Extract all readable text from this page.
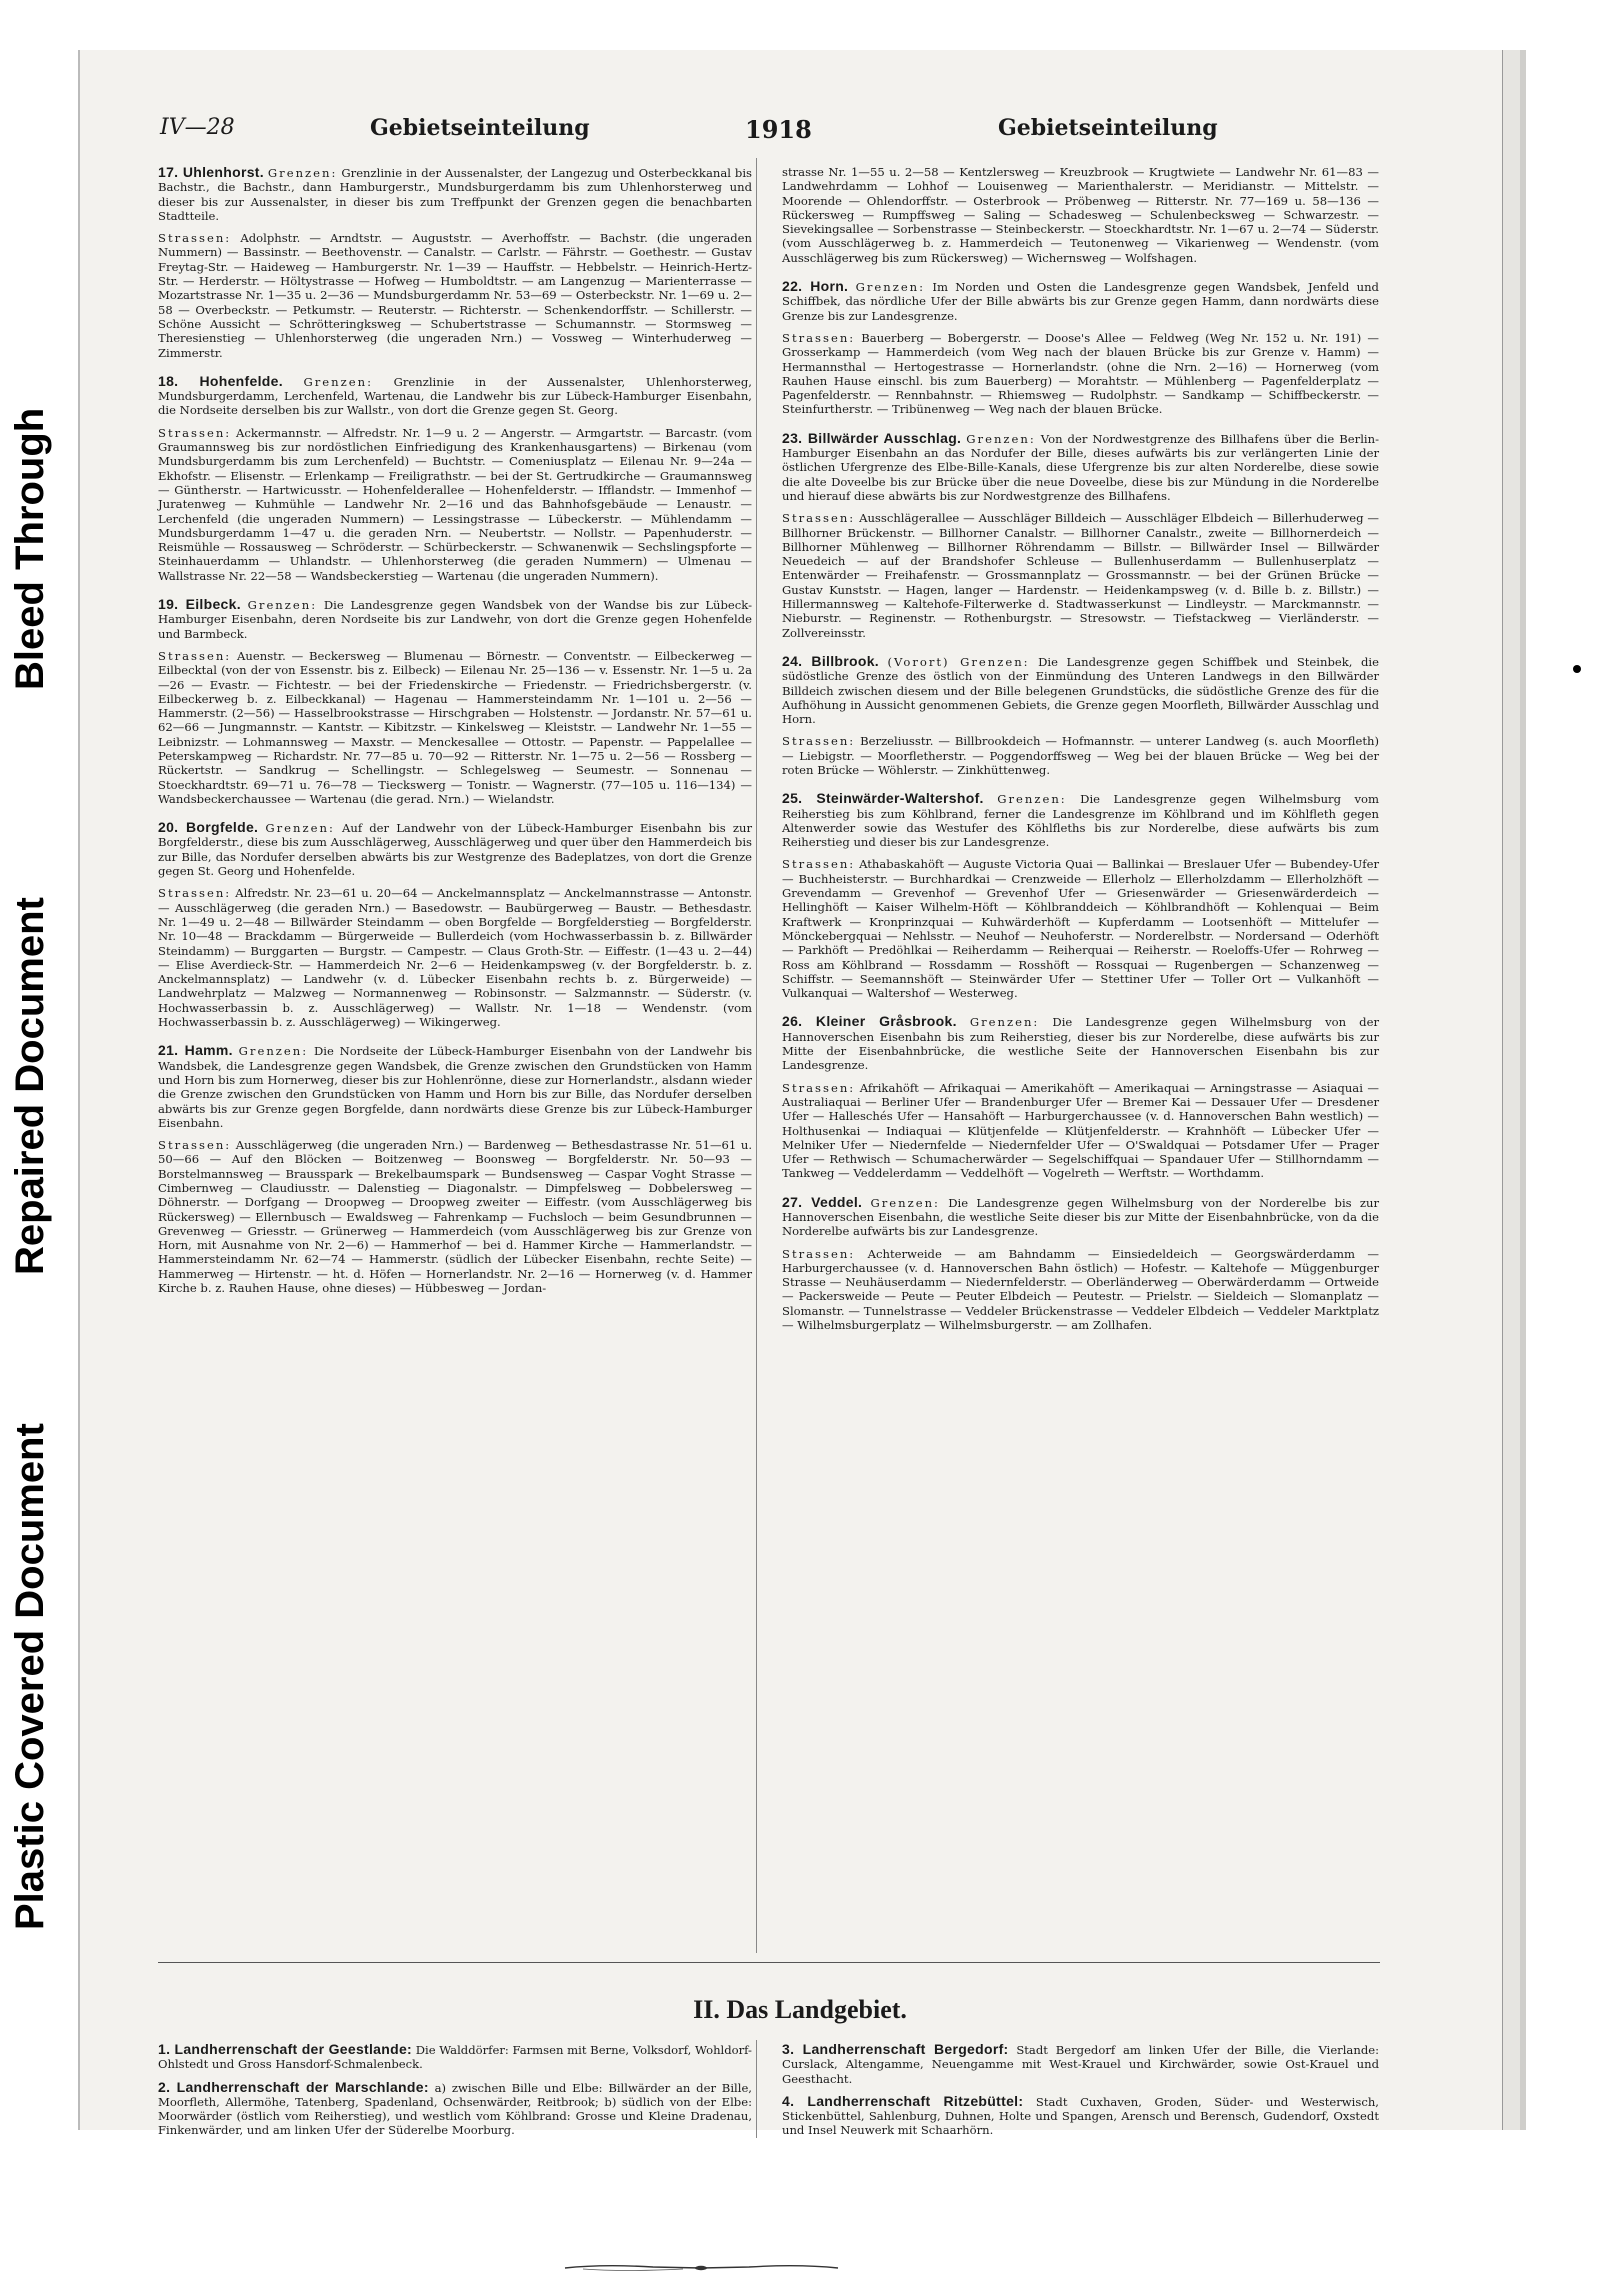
Plastic Covered Document
Repaired Document
Bleed Through
IV—28	Gebietseinteilung	1918	Gebietseinteilung

17. Uhlenhorst. Grenzen: Grenzlinie in der Aussenalster, der Langezug und Osterbeckkanal bis Bachstr., die Bachstr., dann Hamburgerstr., Mundsburgerdamm bis zum Uhlenhorsterweg und dieser bis zur Aussenalster, in dieser bis zum Treffpunkt der Grenzen gegen die benachbarten Stadtteile.

Strassen: Adolphstr. — Arndtstr. — Auguststr. — Averhoffstr. — Bachstr. (die ungeraden Nummern) — Bassinstr. — Beethovenstr. — Canalstr. — Carlstr. — Fährstr. — Goethestr. — Gustav Freytag-Str. — Haideweg — Hamburgerstr. Nr. 1—39 — Hauffstr. — Hebbelstr. — Heinrich-Hertz-Str. — Herderstr. — Höltystrasse — Hofweg — Humboldtstr. — am Langenzug — Marienterrasse — Mozartstrasse Nr. 1—35 u. 2—36 — Mundsburgerdamm Nr. 53—69 — Osterbeckstr. Nr. 1—69 u. 2—58 — Overbeckstr. — Petkumstr. — Reuterstr. — Richterstr. — Schenkendorffstr. — Schillerstr. — Schöne Aussicht — Schrötteringksweg — Schubertstrasse — Schumannstr. — Stormsweg — Theresienstieg — Uhlenhorsterweg (die ungeraden Nrn.) — Vossweg — Winterhuderweg — Zimmerstr.

18. Hohenfelde. Grenzen: Grenzlinie in der Aussenalster, Uhlenhorsterweg, Mundsburgerdamm, Lerchenfeld, Wartenau, die Landwehr bis zur Lübeck-Hamburger Eisenbahn, die Nordseite derselben bis zur Wallstr., von dort die Grenze gegen St. Georg.

Strassen: Ackermannstr. — Alfredstr. Nr. 1—9 u. 2 — Angerstr. — Armgartstr. — Barcastr. (vom Graumannsweg bis zur nordöstlichen Einfriedigung des Krankenhausgartens) — Birkenau (vom Mundsburgerdamm bis zum Lerchenfeld) — Buchtstr. — Comeniusplatz — Eilenau Nr. 9—24a — Ekhofstr. — Elisenstr. — Erlenkamp — Freiligrathstr. — bei der St. Gertrudkirche — Graumannsweg — Güntherstr. — Hartwicusstr. — Hohenfelderallee — Hohenfelderstr. — Ifflandstr. — Immenhof — Juratenweg — Kuhmühle — Landwehr Nr. 2—16 und das Bahnhofsgebäude — Lenaustr. — Lerchenfeld (die ungeraden Nummern) — Lessingstrasse — Lübeckerstr. — Mühlendamm — Mundsburgerdamm 1—47 u. die geraden Nrn. — Neubertstr. — Nollstr. — Papenhuderstr. — Reismühle — Rossausweg — Schröderstr. — Schürbeckerstr. — Schwanenwik — Sechslingspforte — Steinhauerdamm — Uhlandstr. — Uhlenhorsterweg (die geraden Nummern) — Ulmenau — Wallstrasse Nr. 22—58 — Wandsbeckerstieg — Wartenau (die ungeraden Nummern).

19. Eilbeck. Grenzen: Die Landesgrenze gegen Wandsbek von der Wandse bis zur Lübeck-Hamburger Eisenbahn, deren Nordseite bis zur Landwehr, von dort die Grenze gegen Hohenfelde und Barmbeck.

Strassen: Auenstr. — Beckersweg — Blumenau — Börnestr. — Conventstr. — Eilbeckerweg — Eilbecktal (von der von Essenstr. bis z. Eilbeck) — Eilenau Nr. 25—136 — v. Essenstr. Nr. 1—5 u. 2a—26 — Evastr. — Fichtestr. — bei der Friedenskirche — Friedenstr. — Friedrichsbergerstr. (v. Eilbeckerweg b. z. Eilbeckkanal) — Hagenau — Hammersteindamm Nr. 1—101 u. 2—56 — Hammerstr. (2—56) — Hasselbrookstrasse — Hirschgraben — Holstenstr. — Jordanstr. Nr. 57—61 u. 62—66 — Jungmannstr. — Kantstr. — Kibitzstr. — Kinkelsweg — Kleiststr. — Landwehr Nr. 1—55 — Leibnizstr. — Lohmannsweg — Maxstr. — Menckesallee — Ottostr. — Papenstr. — Pappelallee — Peterskampweg — Richardstr. Nr. 77—85 u. 70—92 — Ritterstr. Nr. 1—75 u. 2—56 — Rossberg — Rückertstr. — Sandkrug — Schellingstr. — Schlegelsweg — Seumestr. — Sonnenau — Stoeckhardtstr. 69—71 u. 76—78 — Tieckswerg — Tonistr. — Wagnerstr. (77—105 u. 116—134) — Wandsbeckerchaussee — Wartenau (die gerad. Nrn.) — Wielandstr.

20. Borgfelde. Grenzen: Auf der Landwehr von der Lübeck-Hamburger Eisenbahn bis zur Borgfelderstr., diese bis zum Ausschlägerweg, Ausschlägerweg und quer über den Hammerdeich bis zur Bille, das Nordufer derselben abwärts bis zur Westgrenze des Badeplatzes, von dort die Grenze gegen St. Georg und Hohenfelde.

Strassen: Alfredstr. Nr. 23—61 u. 20—64 — Anckelmannsplatz — Anckelmannstrasse — Antonstr. — Ausschlägerweg (die geraden Nrn.) — Basedowstr. — Baubürgerweg — Baustr. — Bethesdastr. Nr. 1—49 u. 2—48 — Billwärder Steindamm — oben Borgfelde — Borgfelderstieg — Borgfelderstr. Nr. 10—48 — Brackdamm — Bürgerweide — Bullerdeich (vom Hochwasserbassin b. z. Billwärder Steindamm) — Burggarten — Burgstr. — Campestr. — Claus Groth-Str. — Eiffestr. (1—43 u. 2—44) — Elise Averdieck-Str. — Hammerdeich Nr. 2—6 — Heidenkampsweg (v. der Borgfelderstr. b. z. Anckelmannsplatz) — Landwehr (v. d. Lübecker Eisenbahn rechts b. z. Bürgerweide) — Landwehrplatz — Malzweg — Normannenweg — Robinsonstr. — Salzmannstr. — Süderstr. (v. Hochwasserbassin b. z. Ausschlägerweg) — Wallstr. Nr. 1—18 — Wendenstr. (vom Hochwasserbassin b. z. Ausschlägerweg) — Wikingerweg.

21. Hamm. Grenzen: Die Nordseite der Lübeck-Hamburger Eisenbahn von der Landwehr bis Wandsbek, die Landesgrenze gegen Wandsbek, die Grenze zwischen den Grundstücken von Hamm und Horn bis zum Hornerweg, dieser bis zur Hohlenrönne, diese zur Hornerlandstr., alsdann wieder die Grenze zwischen den Grundstücken von Hamm und Horn bis zur Bille, das Nordufer derselben abwärts bis zur Grenze gegen Borgfelde, dann nordwärts diese Grenze bis zur Lübeck-Hamburger Eisenbahn.

Strassen: Ausschlägerweg (die ungeraden Nrn.) — Bardenweg — Bethesdastrasse Nr. 51—61 u. 50—66 — Auf den Blöcken — Boitzenweg — Boonsweg — Borgfelderstr. Nr. 50—93 — Borstelmannsweg — Brausspark — Brekelbaumspark — Bundsensweg — Caspar Voght Strasse — Cimbernweg — Claudiusstr. — Dalenstieg — Diagonalstr. — Dimpfelsweg — Dobbelersweg — Döhnerstr. — Dorfgang — Droopweg — Droopweg zweiter — Eiffestr. (vom Ausschlägerweg bis Rückersweg) — Ellernbusch — Ewaldsweg — Fahrenkamp — Fuchsloch — beim Gesundbrunnen — Grevenweg — Griesstr. — Grünerweg — Hammerdeich (vom Ausschlägerweg bis zur Grenze von Horn, mit Ausnahme von Nr. 2—6) — Hammerhof — bei d. Hammer Kirche — Hammerlandstr. — Hammersteindamm Nr. 62—74 — Hammerstr. (südlich der Lübecker Eisenbahn, rechte Seite) — Hammerweg — Hirtenstr. — ht. d. Höfen — Hornerlandstr. Nr. 2—16 — Hornerweg (v. d. Hammer Kirche b. z. Rauhen Hause, ohne dieses) — Hübbesweg — Jordan-

strasse Nr. 1—55 u. 2—58 — Kentzlersweg — Kreuzbrook — Krugtwiete — Landwehr Nr. 61—83 — Landwehrdamm — Lohhof — Louisenweg — Marienthalerstr. — Meridianstr. — Mittelstr. — Moorende — Ohlendorffstr. — Osterbrook — Pröbenweg — Ritterstr. Nr. 77—169 u. 58—136 — Rückersweg — Rumpffsweg — Saling — Schadesweg — Schulenbecksweg — Schwarzestr. — Sievekingsallee — Sorbenstrasse — Steinbeckerstr. — Stoeckhardtstr. Nr. 1—67 u. 2—74 — Süderstr. (vom Ausschlägerweg b. z. Hammerdeich — Teutonenweg — Vikarienweg — Wendenstr. (vom Ausschlägerweg bis zum Rückersweg) — Wichernsweg — Wolfshagen.

22. Horn. Grenzen: Im Norden und Osten die Landesgrenze gegen Wandsbek, Jenfeld und Schiffbek, das nördliche Ufer der Bille abwärts bis zur Grenze gegen Hamm, dann nordwärts diese Grenze bis zur Landesgrenze.

Strassen: Bauerberg — Bobergerstr. — Doose's Allee — Feldweg (Weg Nr. 152 u. Nr. 191) — Grosserkamp — Hammerdeich (vom Weg nach der blauen Brücke bis zur Grenze v. Hamm) — Hermannsthal — Hertogestrasse — Hornerlandstr. (ohne die Nrn. 2—16) — Hornerweg (vom Rauhen Hause einschl. bis zum Bauerberg) — Morahtstr. — Mühlenberg — Pagenfelderplatz — Pagenfelderstr. — Rennbahnstr. — Rhiemsweg — Rudolphstr. — Sandkamp — Schiffbeckerstr. — Steinfurtherstr. — Tribünenweg — Weg nach der blauen Brücke.

23. Billwärder Ausschlag. Grenzen: Von der Nordwestgrenze des Billhafens über die Berlin-Hamburger Eisenbahn an das Nordufer der Bille, dieses aufwärts bis zur verlängerten Linie der östlichen Ufergrenze des Elbe-Bille-Kanals, diese Ufergrenze bis zur alten Norderelbe, diese sowie die alte Doveelbe bis zur Brücke über die neue Doveelbe, diese bis zur Mündung in die Norderelbe und hierauf diese abwärts bis zur Nordwestgrenze des Billhafens.

Strassen: Ausschlägerallee — Ausschläger Billdeich — Ausschläger Elbdeich — Billerhuderweg — Billhorner Brückenstr. — Billhorner Canalstr. — Billhorner Canalstr., zweite — Billhornerdeich — Billhorner Mühlenweg — Billhorner Röhrendamm — Billstr. — Billwärder Insel — Billwärder Neuedeich — auf der Brandshofer Schleuse — Bullenhuserdamm — Bullenhuserplatz — Entenwärder — Freihafenstr. — Grossmannplatz — Grossmannstr. — bei der Grünen Brücke — Gustav Kunststr. — Hagen, langer — Hardenstr. — Heidenkampsweg (v. d. Bille b. z. Billstr.) — Hillermannsweg — Kaltehofe-Filterwerke d. Stadtwasserkunst — Lindleystr. — Marckmannstr. — Nieburstr. — Reginenstr. — Rothenburgstr. — Stresowstr. — Tiefstackweg — Vierländerstr. — Zollvereinsstr.

24. Billbrook. (Vorort) Grenzen: Die Landesgrenze gegen Schiffbek und Steinbek, die südöstliche Grenze des östlich von der Einmündung des Unteren Landwegs in den Billwärder Billdeich zwischen diesem und der Bille belegenen Grundstücks, die südöstliche Grenze des für die Aufhöhung in Aussicht genommenen Gebiets, die Grenze gegen Moorfleth, Billwärder Ausschlag und Horn.

Strassen: Berzeliusstr. — Billbrookdeich — Hofmannstr. — unterer Landweg (s. auch Moorfleth) — Liebigstr. — Moorfletherstr. — Poggendorffsweg — Weg bei der blauen Brücke — Weg bei der roten Brücke — Wöhlerstr. — Zinkhüttenweg.

25. Steinwärder-Waltershof. Grenzen: Die Landesgrenze gegen Wilhelmsburg vom Reiherstieg bis zum Köhlbrand, ferner die Landesgrenze im Köhlbrand und im Köhlfleth gegen Altenwerder sowie das Westufer des Köhlfleths bis zur Norderelbe, diese aufwärts bis zum Reiherstieg und dieser bis zur Landesgrenze.

Strassen: Athabaskahöft — Auguste Victoria Quai — Ballinkai — Breslauer Ufer — Bubendey-Ufer — Buchheisterstr. — Burchhardkai — Crenzweide — Ellerholz — Ellerholzdamm — Ellerholzhöft — Grevendamm — Grevenhof — Grevenhof Ufer — Griesenwärder — Griesenwärderdeich — Hellinghöft — Kaiser Wilhelm-Höft — Köhlbranddeich — Köhlbrandhöft — Kohlenquai — Beim Kraftwerk — Kronprinzquai — Kuhwärderhöft — Kupferdamm — Lootsenhöft — Mittelufer — Mönckebergquai — Nehlsstr. — Neuhof — Neuhoferstr. — Norderelbstr. — Nordersand — Oderhöft — Parkhöft — Predöhlkai — Reiherdamm — Reiherquai — Reiherstr. — Roeloffs-Ufer — Rohrweg — Ross am Köhlbrand — Rossdamm — Rosshöft — Rossquai — Rugenbergen — Schanzenweg — Schiffstr. — Seemannshöft — Steinwärder Ufer — Stettiner Ufer — Toller Ort — Vulkanhöft — Vulkanquai — Waltershof — Westerweg.

26. Kleiner Gråsbrook. Grenzen: Die Landesgrenze gegen Wilhelmsburg von der Hannoverschen Eisenbahn bis zum Reiherstieg, dieser bis zur Norderelbe, diese aufwärts bis zur Mitte der Eisenbahnbrücke, die westliche Seite der Hannoverschen Eisenbahn bis zur Landesgrenze.

Strassen: Afrikahöft — Afrikaquai — Amerikahöft — Amerikaquai — Arningstrasse — Asiaquai — Australiaquai — Berliner Ufer — Brandenburger Ufer — Bremer Kai — Dessauer Ufer — Dresdener Ufer — Halleschés Ufer — Hansahöft — Harburgerchaussee (v. d. Hannoverschen Bahn westlich) — Holthusenkai — Indiaquai — Klütjenfelde — Klütjenfelderstr. — Krahnhöft — Lübecker Ufer — Melniker Ufer — Niedernfelde — Niedernfelder Ufer — O'Swaldquai — Potsdamer Ufer — Prager Ufer — Rethwisch — Schumacherwärder — Segelschiffquai — Spandauer Ufer — Stillhorndamm — Tankweg — Veddelerdamm — Veddelhöft — Vogelreth — Werftstr. — Worthdamm.

27. Veddel. Grenzen: Die Landesgrenze gegen Wilhelmsburg von der Norderelbe bis zur Hannoverschen Eisenbahn, die westliche Seite dieser bis zur Mitte der Eisenbahnbrücke, von da die Norderelbe aufwärts bis zur Landesgrenze.

Strassen: Achterweide — am Bahndamm — Einsiedeldeich — Georgswärderdamm — Harburgerchaussee (v. d. Hannoverschen Bahn östlich) — Hofestr. — Kaltehofe — Müggenburger Strasse — Neuhäuserdamm — Niedernfelderstr. — Oberländerweg — Oberwärderdamm — Ortweide — Packersweide — Peute — Peuter Elbdeich — Peutestr. — Prielstr. — Sieldeich — Slomanplatz — Slomanstr. — Tunnelstrasse — Veddeler Brückenstrasse — Veddeler Elbdeich — Veddeler Marktplatz — Wilhelmsburgerplatz — Wilhelmsburgerstr. — am Zollhafen.

II. Das Landgebiet.

1. Landherrenschaft der Geestlande: Die Walddörfer: Farmsen mit Berne, Volksdorf, Wohldorf-Ohlstedt und Gross Hansdorf-Schmalenbeck.

2. Landherrenschaft der Marschlande: a) zwischen Bille und Elbe: Billwärder an der Bille, Moorfleth, Allermöhe, Tatenberg, Spadenland, Ochsenwärder, Reitbrook; b) südlich von der Elbe: Moorwärder (östlich vom Reiherstieg), und westlich vom Köhlbrand: Grosse und Kleine Dradenau, Finkenwärder, und am linken Ufer der Süderelbe Moorburg.

3. Landherrenschaft Bergedorf: Stadt Bergedorf am linken Ufer der Bille, die Vierlande: Curslack, Altengamme, Neuengamme mit West-Krauel und Kirchwärder, sowie Ost-Krauel und Geesthacht.

4. Landherrenschaft Ritzebüttel: Stadt Cuxhaven, Groden, Süder- und Westerwisch, Stickenbüttel, Sahlenburg, Duhnen, Holte und Spangen, Arensch und Berensch, Gudendorf, Oxstedt und Insel Neuwerk mit Schaarhörn.
